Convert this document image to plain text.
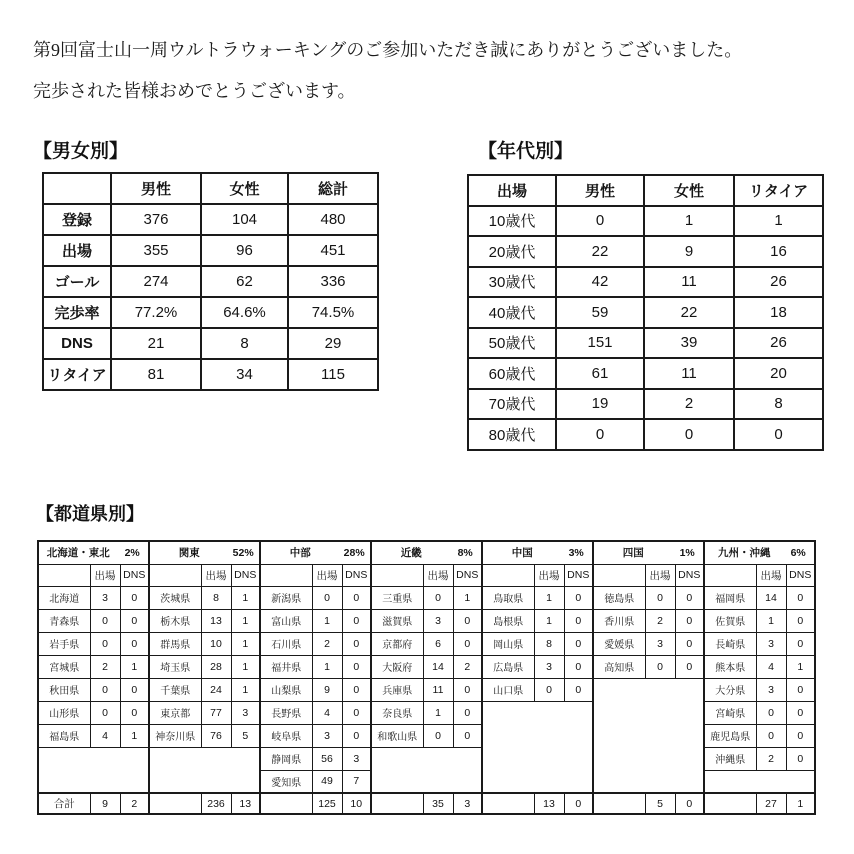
第9回富士山一周ウルトラウォーキングのご参加いただき誠にありがとうございました。
完歩された皆様おめでとうございます。

【男女別】
	男性	女性	総計
登録	376	104	480
出場	355	96	451
ゴール	274	62	336
完歩率	77.2%	64.6%	74.5%
DNS	21	8	29
リタイア	81	34	115
【年代別】
出場	男性	女性	リタイア
10歳代	0	1	1
20歳代	22	9	16
30歳代	42	11	26
40歳代	59	22	18
50歳代	151	39	26
60歳代	61	11	20
70歳代	19	2	8
80歳代	0	0	0
【都道県別】
北海道・東北 2%			関東 52%			中部 28%			近畿 8%			中国 3%			四国 1%			九州・沖縄 6%		
	出場	DNS		出場	DNS		出場	DNS		出場	DNS		出場	DNS		出場	DNS		出場	DNS
北海道	3	0	茨城県	8	1	新潟県	0	0	三重県	0	1	鳥取県	1	0	徳島県	0	0	福岡県	14	0
青森県	0	0	栃木県	13	1	富山県	1	0	滋賀県	3	0	島根県	1	0	香川県	2	0	佐賀県	1	0
岩手県	0	0	群馬県	10	1	石川県	2	0	京都府	6	0	岡山県	8	0	愛媛県	3	0	長崎県	3	0
宮城県	2	1	埼玉県	28	1	福井県	1	0	大阪府	14	2	広島県	3	0	高知県	0	0	熊本県	4	1
秋田県	0	0	千葉県	24	1	山梨県	9	0	兵庫県	11	0	山口県	0	0				大分県	3	0
山形県	0	0	東京都	77	3	長野県	4	0	奈良県	1	0							宮崎県	0	0
福島県	4	1	神奈川県	76	5	岐阜県	3	0	和歌山県	0	0							鹿児島県	0	0
						静岡県	56	3										沖縄県	2	0
						愛知県	49	7												
合計	9	2		236	13		125	10		35	3		13	0		5	0		27	1
